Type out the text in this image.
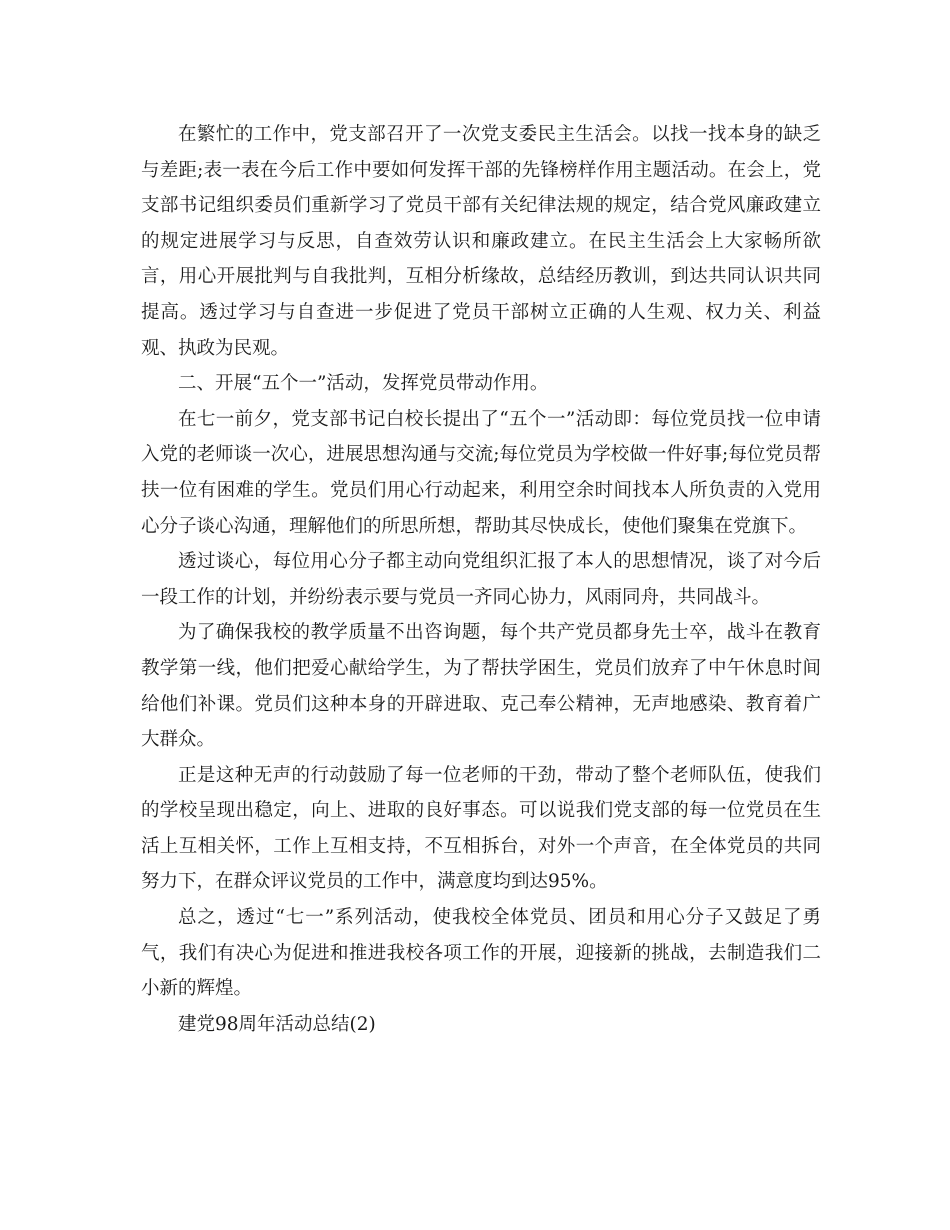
在繁忙的工作中，党支部召开了一次党支委民主生活会。以找一找本身的缺乏与差距;表一表在今后工作中要如何发挥干部的先锋榜样作用主题活动。在会上，党支部书记组织委员们重新学习了党员干部有关纪律法规的规定，结合党风廉政建立的规定进展学习与反思，自查效劳认识和廉政建立。在民主生活会上大家畅所欲言，用心开展批判与自我批判，互相分析缘故，总结经历教训，到达共同认识共同提高。透过学习与自查进一步促进了党员干部树立正确的人生观、权力关、利益观、执政为民观。

二、开展“五个一”活动，发挥党员带动作用。

在七一前夕，党支部书记白校长提出了“五个一”活动即：每位党员找一位申请入党的老师谈一次心，进展思想沟通与交流;每位党员为学校做一件好事;每位党员帮扶一位有困难的学生。党员们用心行动起来，利用空余时间找本人所负责的入党用心分子谈心沟通，理解他们的所思所想，帮助其尽快成长，使他们聚集在党旗下。

透过谈心，每位用心分子都主动向党组织汇报了本人的思想情况，谈了对今后一段工作的计划，并纷纷表示要与党员一齐同心协力，风雨同舟，共同战斗。

为了确保我校的教学质量不出咨询题，每个共产党员都身先士卒，战斗在教育教学第一线，他们把爱心献给学生，为了帮扶学困生，党员们放弃了中午休息时间给他们补课。党员们这种本身的开辟进取、克己奉公精神，无声地感染、教育着广大群众。

正是这种无声的行动鼓励了每一位老师的干劲，带动了整个老师队伍，使我们的学校呈现出稳定，向上、进取的良好事态。可以说我们党支部的每一位党员在生活上互相关怀，工作上互相支持，不互相拆台，对外一个声音，在全体党员的共同努力下，在群众评议党员的工作中，满意度均到达95%。

总之，透过“七一”系列活动，使我校全体党员、团员和用心分子又鼓足了勇气，我们有决心为促进和推进我校各项工作的开展，迎接新的挑战，去制造我们二小新的辉煌。

建党98周年活动总结(2)
